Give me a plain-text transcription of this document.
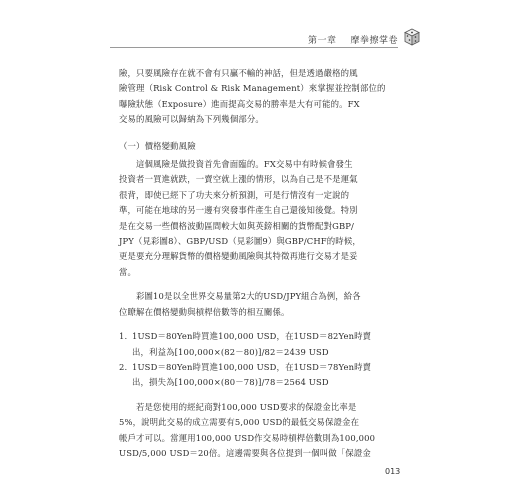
第一章 摩拳擦掌卷

險，只要風險存在就不會有只贏不輸的神話，但是透過嚴格的風
險管理（Risk Control & Risk Management）來掌握並控制部位的
曝險狀態（Exposure）進而提高交易的勝率是大有可能的。FX
交易的風險可以歸納為下列幾個部分。

（一）價格變動風險

這個風險是做投資首先會面臨的。FX交易中有時候會發生
投資者一買進就跌，一賣空就上漲的情形，以為自己是不是運氣
很背，即使已經下了功夫來分析預測，可是行情沒有一定說的
準，可能在地球的另一邊有突發事件產生自己還後知後覺。特別
是在交易一些價格波動區間較大如與英鎊相關的貨幣配對GBP/
JPY（見彩圖8）、GBP/USD（見彩圖9）與GBP/CHF的時候，
更是要充分理解貨幣的價格變動風險與其特徵再進行交易才是妥
當。

彩圖10是以全世界交易量第2大的USD/JPY組合為例，給各
位瞭解在價格變動與槓桿倍數等的相互關係。

1. 1USD＝80Yen時買進100,000 USD，在1USD＝82Yen時賣
出，利益為[100,000×(82－80)]/82＝2439 USD
2. 1USD＝80Yen時買進100,000 USD，在1USD＝78Yen時賣
出，損失為[100,000×(80－78)]/78＝2564 USD

若是您使用的經紀商對100,000 USD要求的保證金比率是
5%，說明此交易的成立需要有5,000 USD的最低交易保證金在
帳戶才可以。當運用100,000 USD作交易時槓桿倍數則為100,000
USD/5,000 USD＝20倍。這邊需要與各位提到一個叫做「保證金

013
